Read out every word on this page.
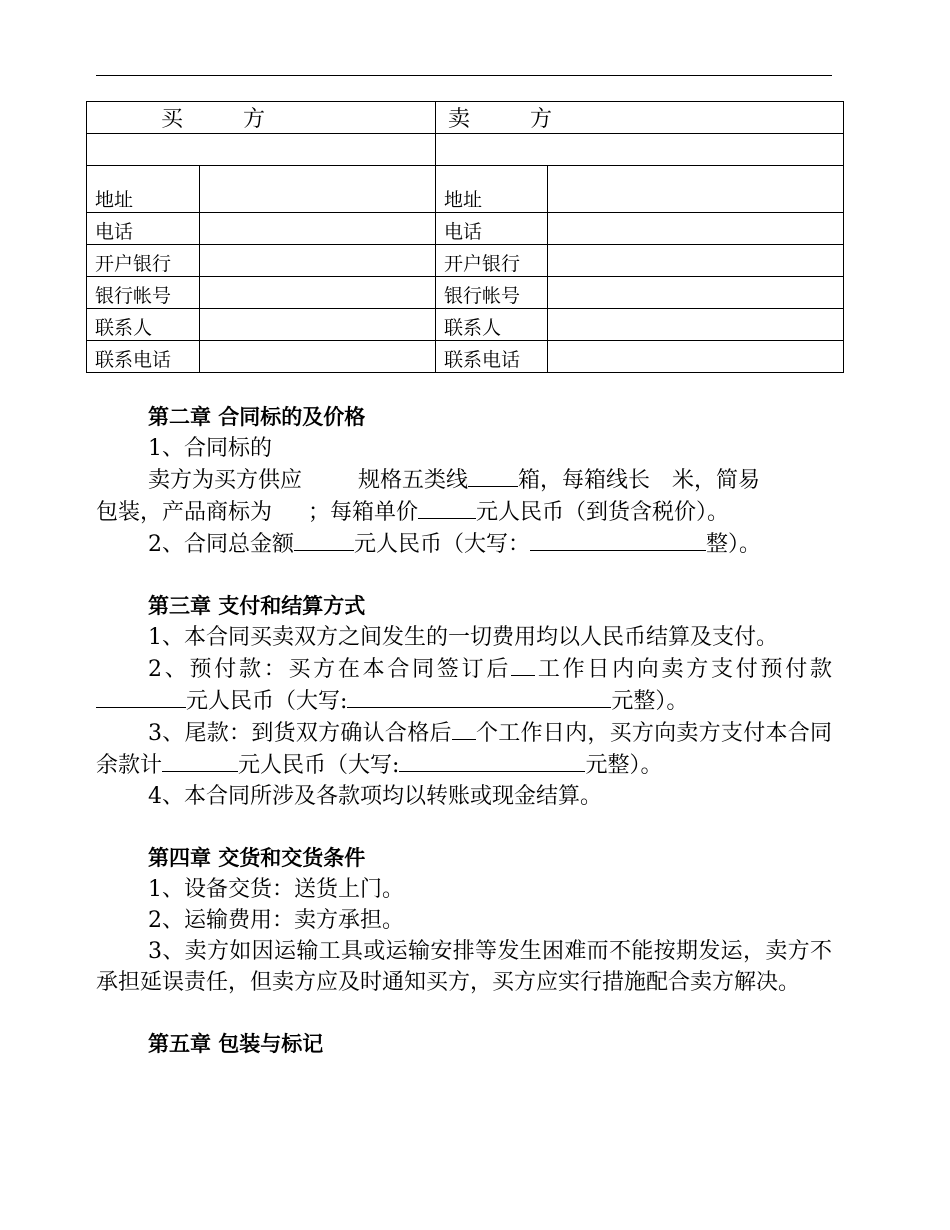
买方		卖方	

地址		地址	
电话		电话	
开户银行		开户银行	
银行帐号		银行帐号	
联系人		联系人	
联系电话		联系电话	

第二章 合同标的及价格

1、合同标的

卖方为买方供应	规格五类线 箱，每箱线长 米，简易

包装，产品商标为 ；每箱单价	元人民币（到货含税价）。

2、合同总金额	元人民币（大写：	整）。

第三章 支付和结算方式

1、本合同买卖双方之间发生的一切费用均以人民币结算及支付。

2、预付款：买方在本合同签订后 工作日内向卖方支付预付款元人民币（大写:	元整）。

3、尾款：到货双方确认合格后 个工作日内，买方向卖方支付本合同余款计	元人民币（大写:	元整）。

4、本合同所涉及各款项均以转账或现金结算。

第四章 交货和交货条件

1、设备交货：送货上门。

2、运输费用：卖方承担。

3、卖方如因运输工具或运输安排等发生困难而不能按期发运，卖方不承担延误责任，但卖方应及时通知买方，买方应实行措施配合卖方解决。

第五章 包装与标记
